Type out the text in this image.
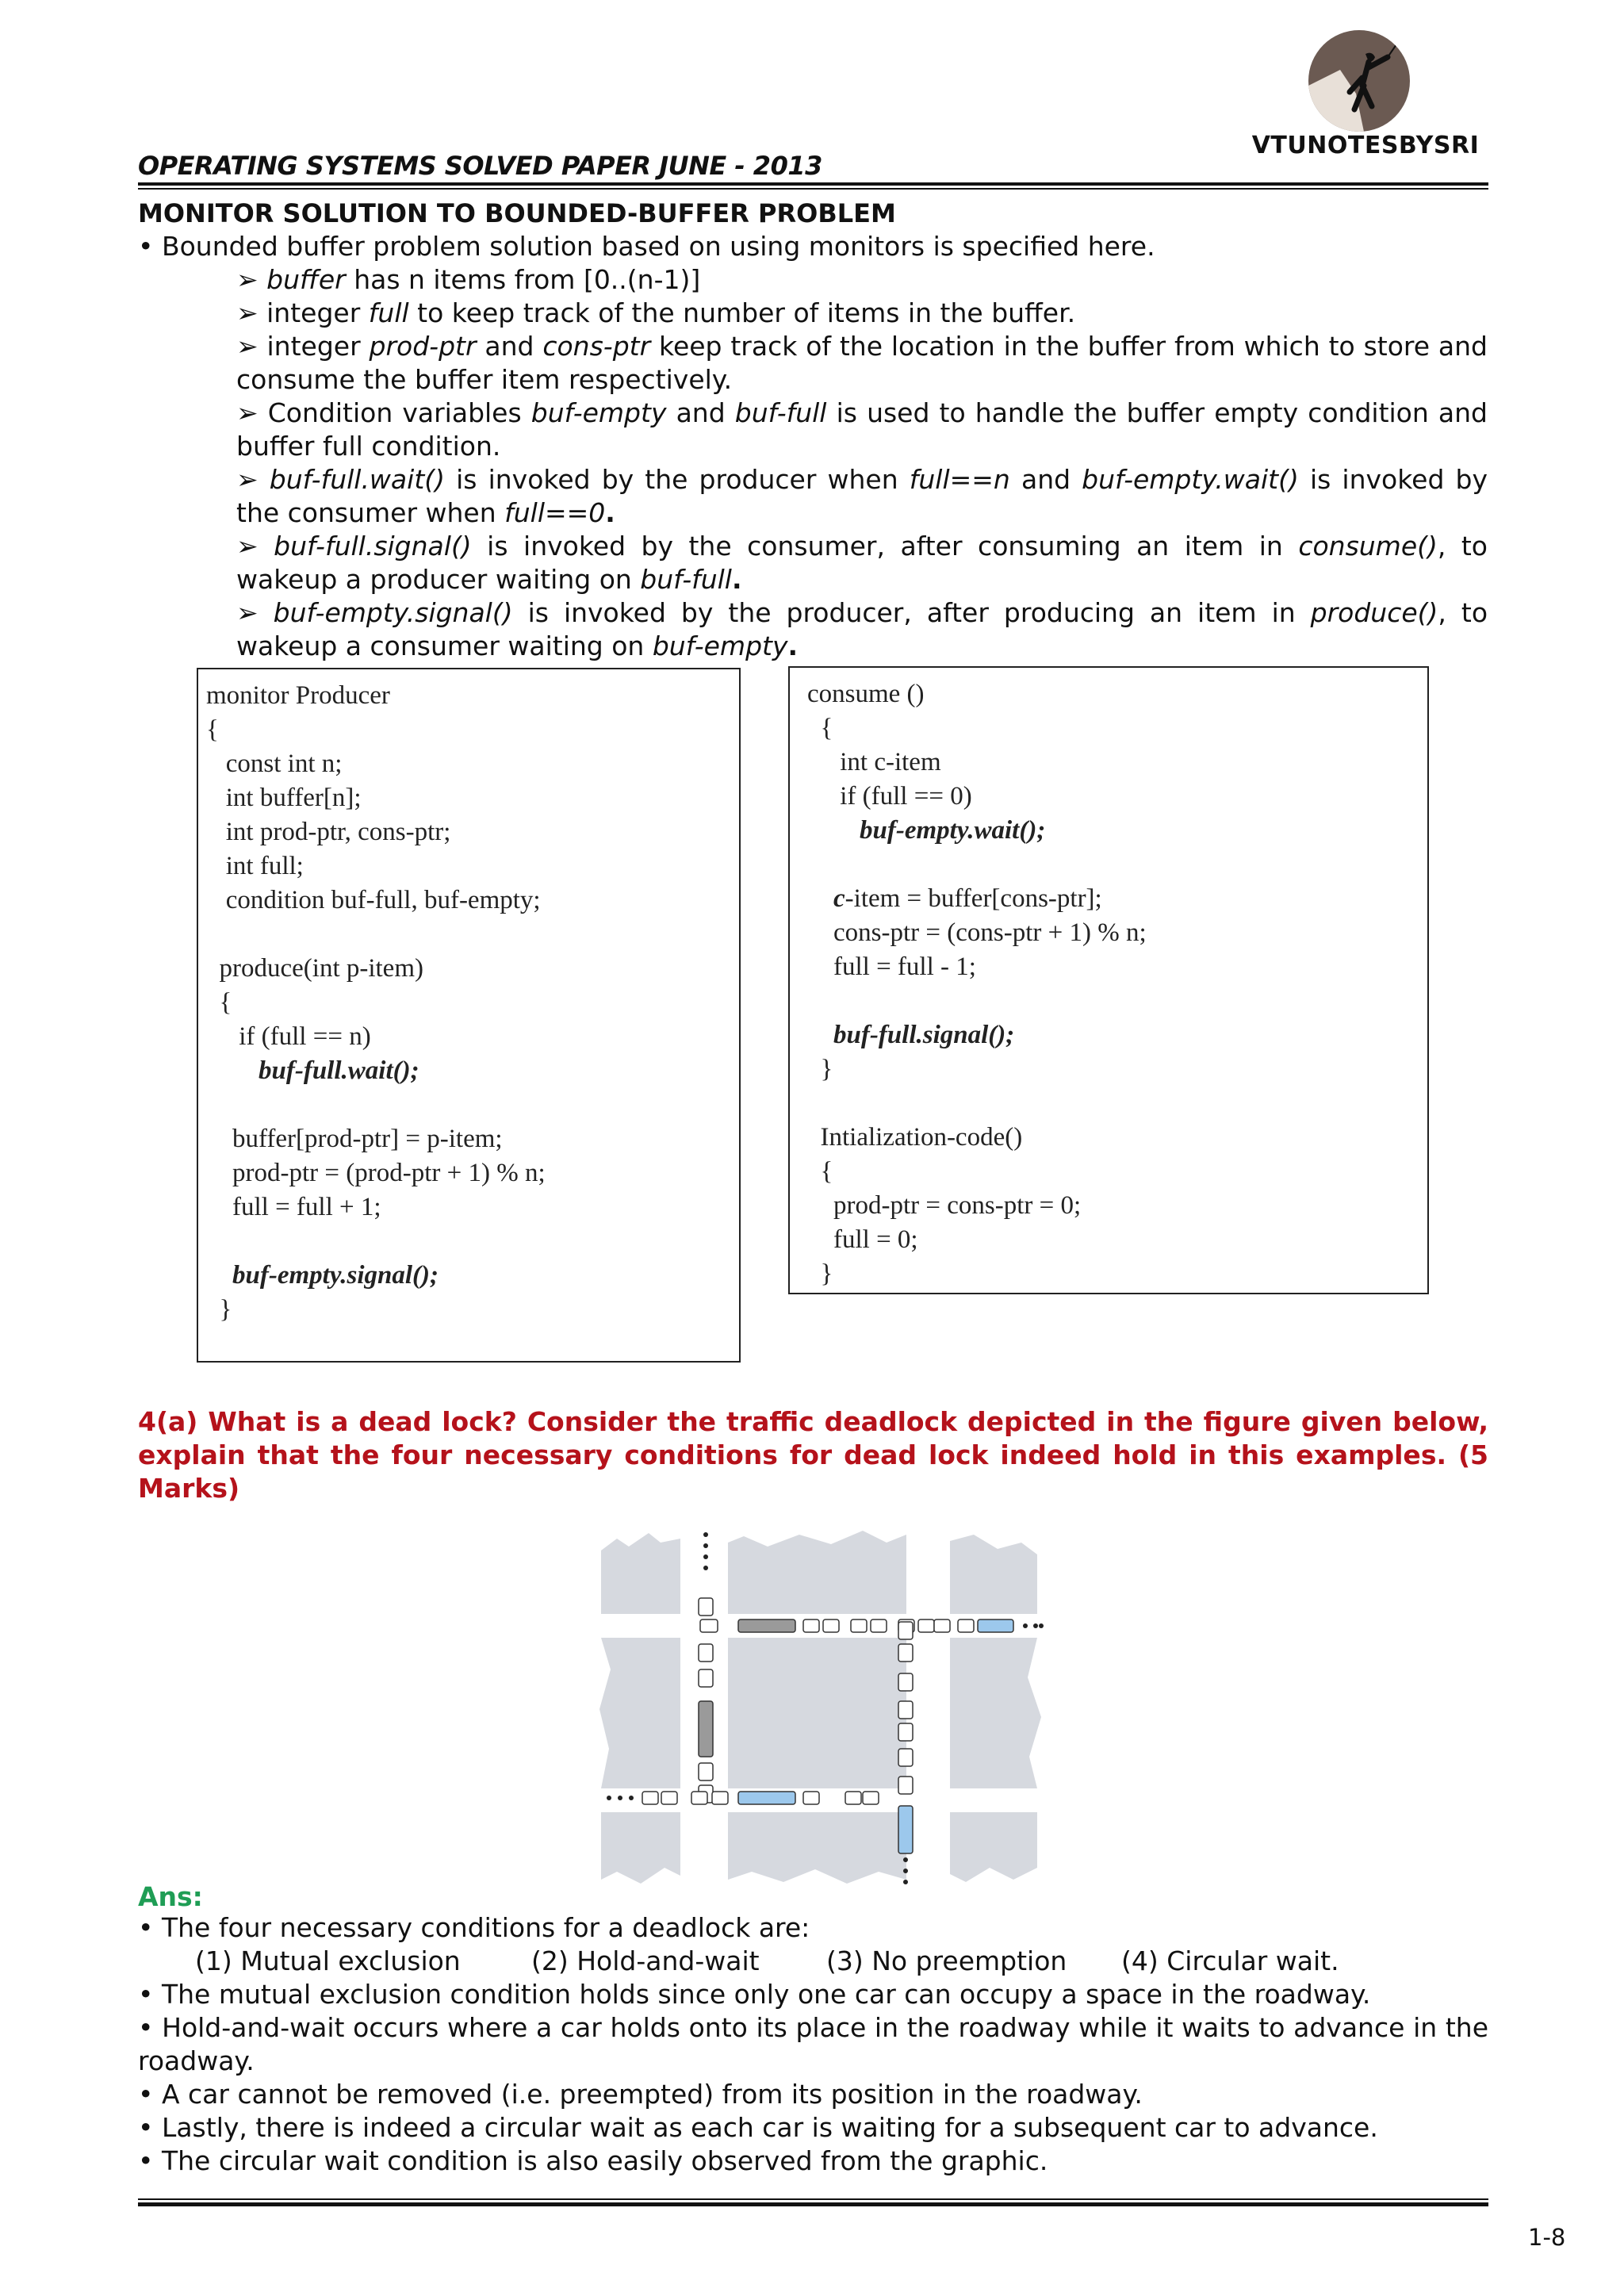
VTUNOTESBYSRI
OPERATING SYSTEMS SOLVED PAPER JUNE - 2013
MONITOR SOLUTION TO BOUNDED-BUFFER PROBLEM
• Bounded buffer problem solution based on using monitors is specified here.
➢ buffer has n items from [0..(n-1)]
➢ integer full to keep track of the number of items in the buffer.
➢ integer prod-ptr and cons-ptr keep track of the location in the buffer from which to store and consume the buffer item respectively.
➢ Condition variables buf-empty and buf-full is used to handle the buffer empty condition and buffer full condition.
➢ buf-full.wait() is invoked by the producer when full==n and buf-empty.wait() is invoked by the consumer when full==0.
➢ buf-full.signal() is invoked by the consumer, after consuming an item in consume(), to wakeup a producer waiting on buf-full.
➢ buf-empty.signal() is invoked by the producer, after producing an item in produce(), to wakeup a consumer waiting on buf-empty.
monitor Producer
{
const int n;
int buffer[n];
int prod-ptr, cons-ptr;
int full;
condition buf-full, buf-empty;

produce(int p-item)
{
if (full == n)
buf-full.wait();

buffer[prod-ptr] = p-item;
prod-ptr = (prod-ptr + 1) % n;
full = full + 1;

buf-empty.signal();
}
consume ()
{
int c-item
if (full == 0)
buf-empty.wait();

c-item = buffer[cons-ptr];
cons-ptr = (cons-ptr + 1) % n;
full = full - 1;

buf-full.signal();
}

Intialization-code()
{
prod-ptr = cons-ptr = 0;
full = 0;
}
4(a) What is a dead lock? Consider the traffic deadlock depicted in the figure given below, explain that the four necessary conditions for dead lock indeed hold in this examples. (5 Marks)
Ans:
• The four necessary conditions for a deadlock are:
(1) Mutual exclusion	(2) Hold-and-wait	(3) No preemption (4) Circular wait.
• The mutual exclusion condition holds since only one car can occupy a space in the roadway.
• Hold-and-wait occurs where a car holds onto its place in the roadway while it waits to advance in the roadway.
• A car cannot be removed (i.e. preempted) from its position in the roadway.
• Lastly, there is indeed a circular wait as each car is waiting for a subsequent car to advance.
• The circular wait condition is also easily observed from the graphic.
1-8
